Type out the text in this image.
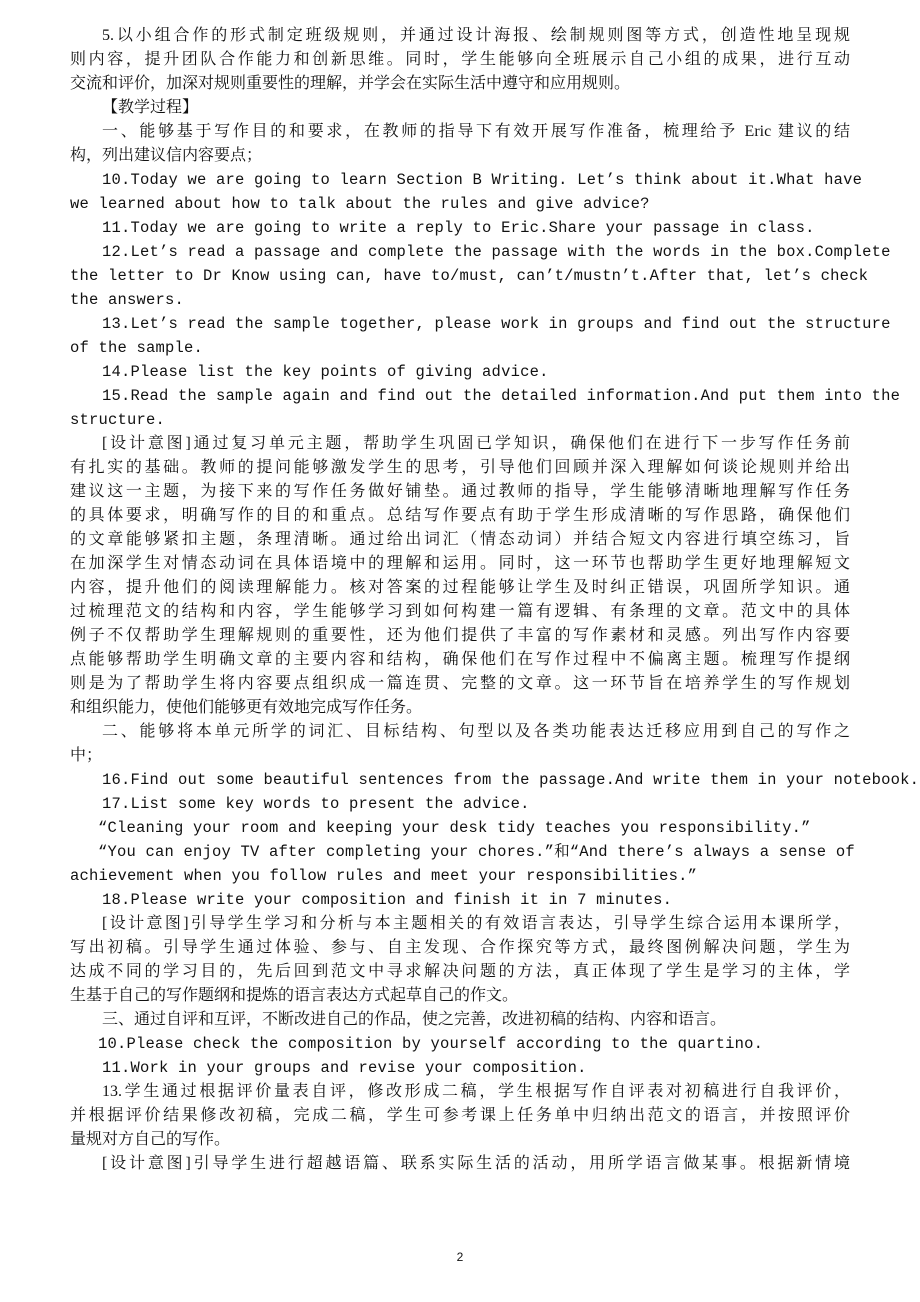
5.以小组合作的形式制定班级规则，并通过设计海报、绘制规则图等方式，创造性地呈现规
则内容，提升团队合作能力和创新思维。同时，学生能够向全班展示自己小组的成果，进行互动
交流和评价，加深对规则重要性的理解，并学会在实际生活中遵守和应用规则。
【教学过程】
一、能够基于写作目的和要求，在教师的指导下有效开展写作准备，梳理给予 Eric 建议的结
构，列出建议信内容要点；
10.Today we are going to learn Section B Writing. Let’s think about it.What have
we learned about how to talk about the rules and give advice?
11.Today we are going to write a reply to Eric.Share your passage in class.
12.Let’s read a passage and complete the passage with the words in the box.Complete
the letter to Dr Know using can, have to/must, can’t/mustn’t.After that, let’s check
the answers.
13.Let’s read the sample together, please work in groups and find out the structure
of the sample.
14.Please list the key points of giving advice.
15.Read the sample again and find out the detailed information.And put them into the
structure.
[设计意图]通过复习单元主题，帮助学生巩固已学知识，确保他们在进行下一步写作任务前
有扎实的基础。教师的提问能够激发学生的思考，引导他们回顾并深入理解如何谈论规则并给出
建议这一主题，为接下来的写作任务做好铺垫。通过教师的指导，学生能够清晰地理解写作任务
的具体要求，明确写作的目的和重点。总结写作要点有助于学生形成清晰的写作思路，确保他们
的文章能够紧扣主题，条理清晰。通过给出词汇（情态动词）并结合短文内容进行填空练习，旨
在加深学生对情态动词在具体语境中的理解和运用。同时，这一环节也帮助学生更好地理解短文
内容，提升他们的阅读理解能力。核对答案的过程能够让学生及时纠正错误，巩固所学知识。通
过梳理范文的结构和内容，学生能够学习到如何构建一篇有逻辑、有条理的文章。范文中的具体
例子不仅帮助学生理解规则的重要性，还为他们提供了丰富的写作素材和灵感。列出写作内容要
点能够帮助学生明确文章的主要内容和结构，确保他们在写作过程中不偏离主题。梳理写作提纲
则是为了帮助学生将内容要点组织成一篇连贯、完整的文章。这一环节旨在培养学生的写作规划
和组织能力，使他们能够更有效地完成写作任务。
二、能够将本单元所学的词汇、目标结构、句型以及各类功能表达迁移应用到自己的写作之
中；
16.Find out some beautiful sentences from the passage.And write them in your notebook.
17.List some key words to present the advice.
“Cleaning your room and keeping your desk tidy teaches you responsibility.”
“You can enjoy TV after completing your chores.”和“And there’s always a sense of
achievement when you follow rules and meet your responsibilities.”
18.Please write your composition and finish it in 7 minutes.
[设计意图]引导学生学习和分析与本主题相关的有效语言表达，引导学生综合运用本课所学，
写出初稿。引导学生通过体验、参与、自主发现、合作探究等方式，最终图例解决问题，学生为
达成不同的学习目的，先后回到范文中寻求解决问题的方法，真正体现了学生是学习的主体，学
生基于自己的写作题纲和提炼的语言表达方式起草自己的作文。
三、通过自评和互评，不断改进自己的作品，使之完善，改进初稿的结构、内容和语言。
10.Please check the composition by yourself according to the quartino.
11.Work in your groups and revise your composition.
13.学生通过根据评价量表自评，修改形成二稿，学生根据写作自评表对初稿进行自我评价，
并根据评价结果修改初稿，完成二稿，学生可参考课上任务单中归纳出范文的语言，并按照评价
量规对方自己的写作。
[设计意图]引导学生进行超越语篇、联系实际生活的活动，用所学语言做某事。根据新情境
2
